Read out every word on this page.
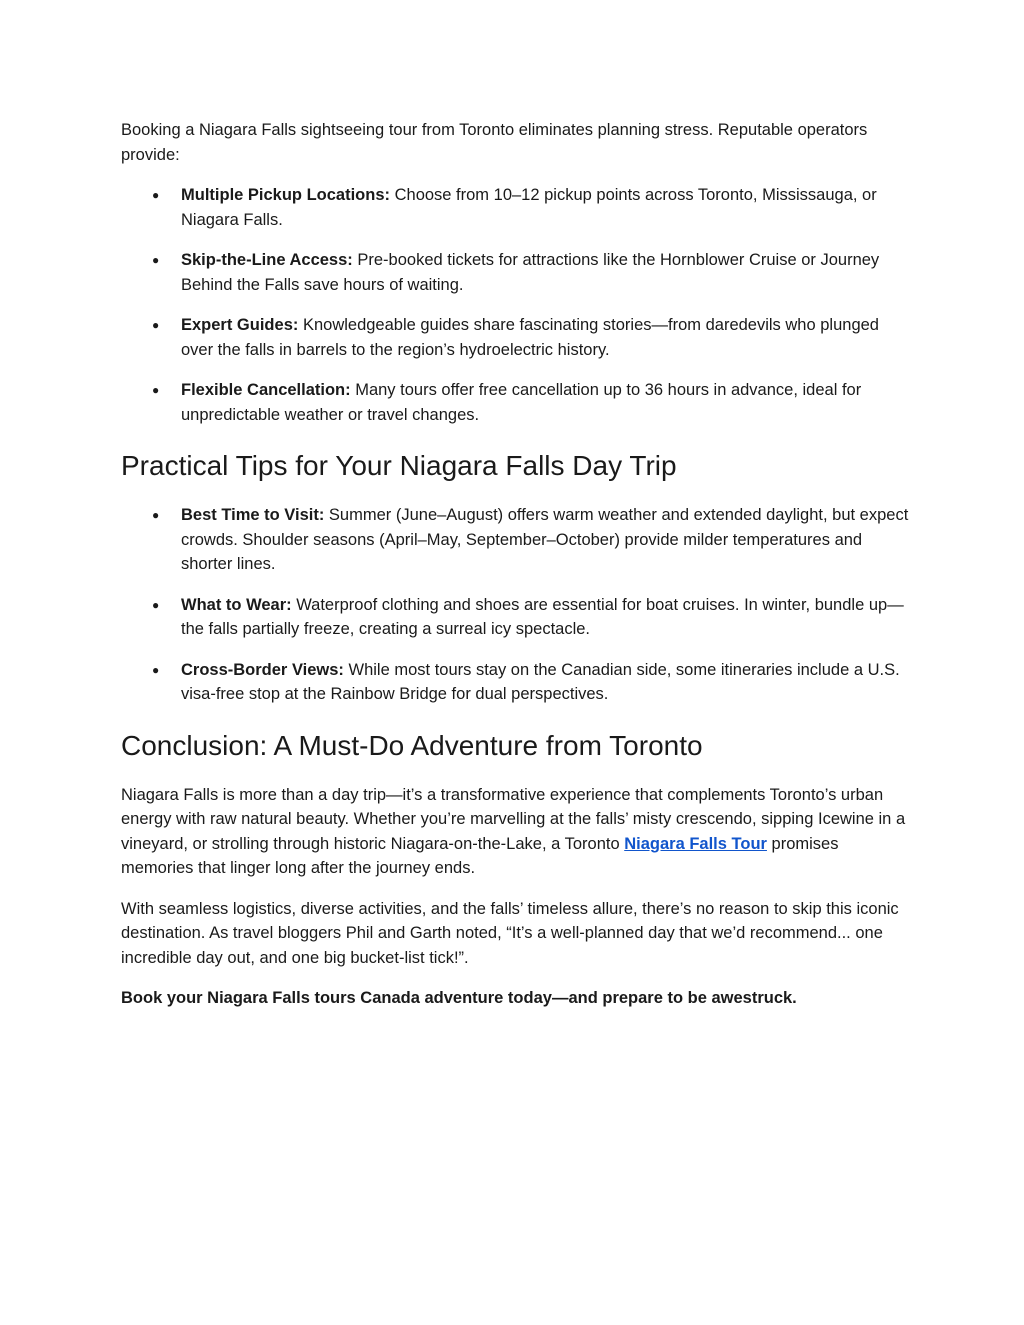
Booking a Niagara Falls sightseeing tour from Toronto eliminates planning stress. Reputable operators provide:

● Multiple Pickup Locations: Choose from 10–12 pickup points across Toronto, Mississauga, or Niagara Falls.
● Skip-the-Line Access: Pre-booked tickets for attractions like the Hornblower Cruise or Journey Behind the Falls save hours of waiting.
● Expert Guides: Knowledgeable guides share fascinating stories—from daredevils who plunged over the falls in barrels to the region’s hydroelectric history.
● Flexible Cancellation: Many tours offer free cancellation up to 36 hours in advance, ideal for unpredictable weather or travel changes.
Practical Tips for Your Niagara Falls Day Trip
● Best Time to Visit: Summer (June–August) offers warm weather and extended daylight, but expect crowds. Shoulder seasons (April–May, September–October) provide milder temperatures and shorter lines.
● What to Wear: Waterproof clothing and shoes are essential for boat cruises. In winter, bundle up—the falls partially freeze, creating a surreal icy spectacle.
● Cross-Border Views: While most tours stay on the Canadian side, some itineraries include a U.S. visa-free stop at the Rainbow Bridge for dual perspectives.
Conclusion: A Must-Do Adventure from Toronto

Niagara Falls is more than a day trip—it’s a transformative experience that complements Toronto’s urban energy with raw natural beauty. Whether you’re marvelling at the falls’ misty crescendo, sipping Icewine in a vineyard, or strolling through historic Niagara-on-the-Lake, a Toronto Niagara Falls Tour promises memories that linger long after the journey ends.

With seamless logistics, diverse activities, and the falls’ timeless allure, there’s no reason to skip this iconic destination. As travel bloggers Phil and Garth noted, “It’s a well-planned day that we’d recommend... one incredible day out, and one big bucket-list tick!”.

Book your Niagara Falls tours Canada adventure today—and prepare to be awestruck.
